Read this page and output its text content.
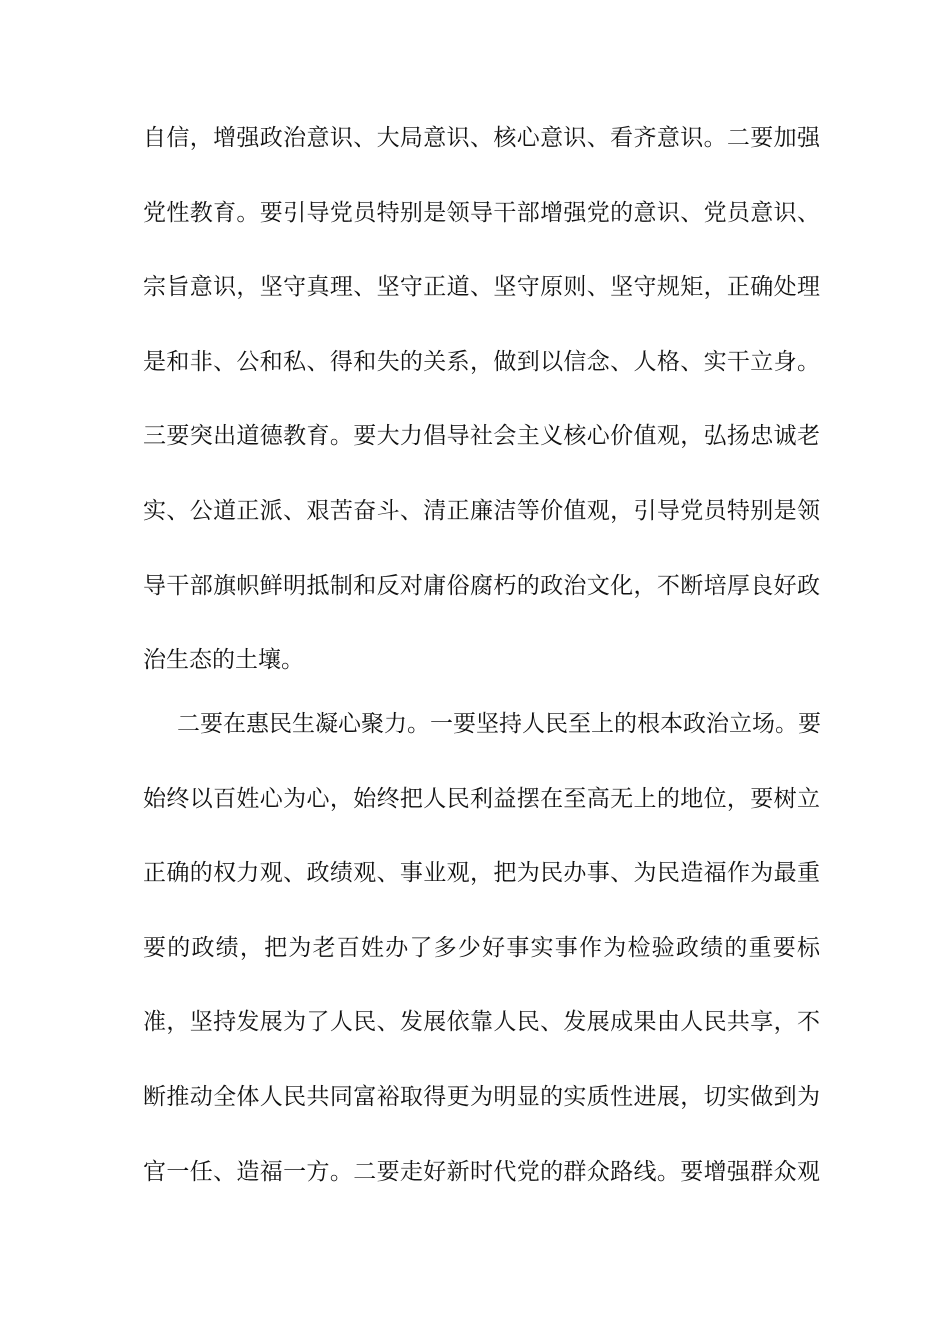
自信，增强政治意识、大局意识、核心意识、看齐意识。二要加强
党性教育。要引导党员特别是领导干部增强党的意识、党员意识、
宗旨意识，坚守真理、坚守正道、坚守原则、坚守规矩，正确处理
是和非、公和私、得和失的关系，做到以信念、人格、实干立身。
三要突出道德教育。要大力倡导社会主义核心价值观，弘扬忠诚老
实、公道正派、艰苦奋斗、清正廉洁等价值观，引导党员特别是领
导干部旗帜鲜明抵制和反对庸俗腐朽的政治文化，不断培厚良好政
治生态的土壤。
二要在惠民生凝心聚力。一要坚持人民至上的根本政治立场。要
始终以百姓心为心，始终把人民利益摆在至高无上的地位，要树立
正确的权力观、政绩观、事业观，把为民办事、为民造福作为最重
要的政绩，把为老百姓办了多少好事实事作为检验政绩的重要标
准，坚持发展为了人民、发展依靠人民、发展成果由人民共享，不
断推动全体人民共同富裕取得更为明显的实质性进展，切实做到为
官一任、造福一方。二要走好新时代党的群众路线。要增强群众观
